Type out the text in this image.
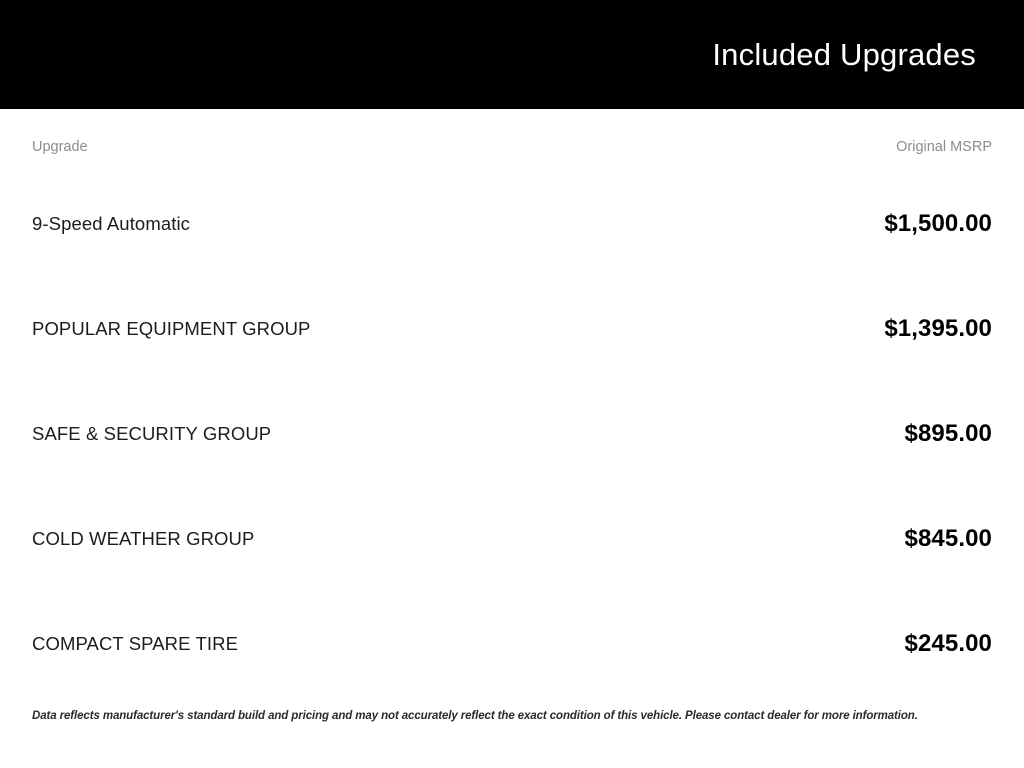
Included Upgrades
Upgrade	Original MSRP
9-Speed Automatic	$1,500.00
POPULAR EQUIPMENT GROUP	$1,395.00
SAFE & SECURITY GROUP	$895.00
COLD WEATHER GROUP	$845.00
COMPACT SPARE TIRE	$245.00
Data reflects manufacturer's standard build and pricing and may not accurately reflect the exact condition of this vehicle. Please contact dealer for more information.
